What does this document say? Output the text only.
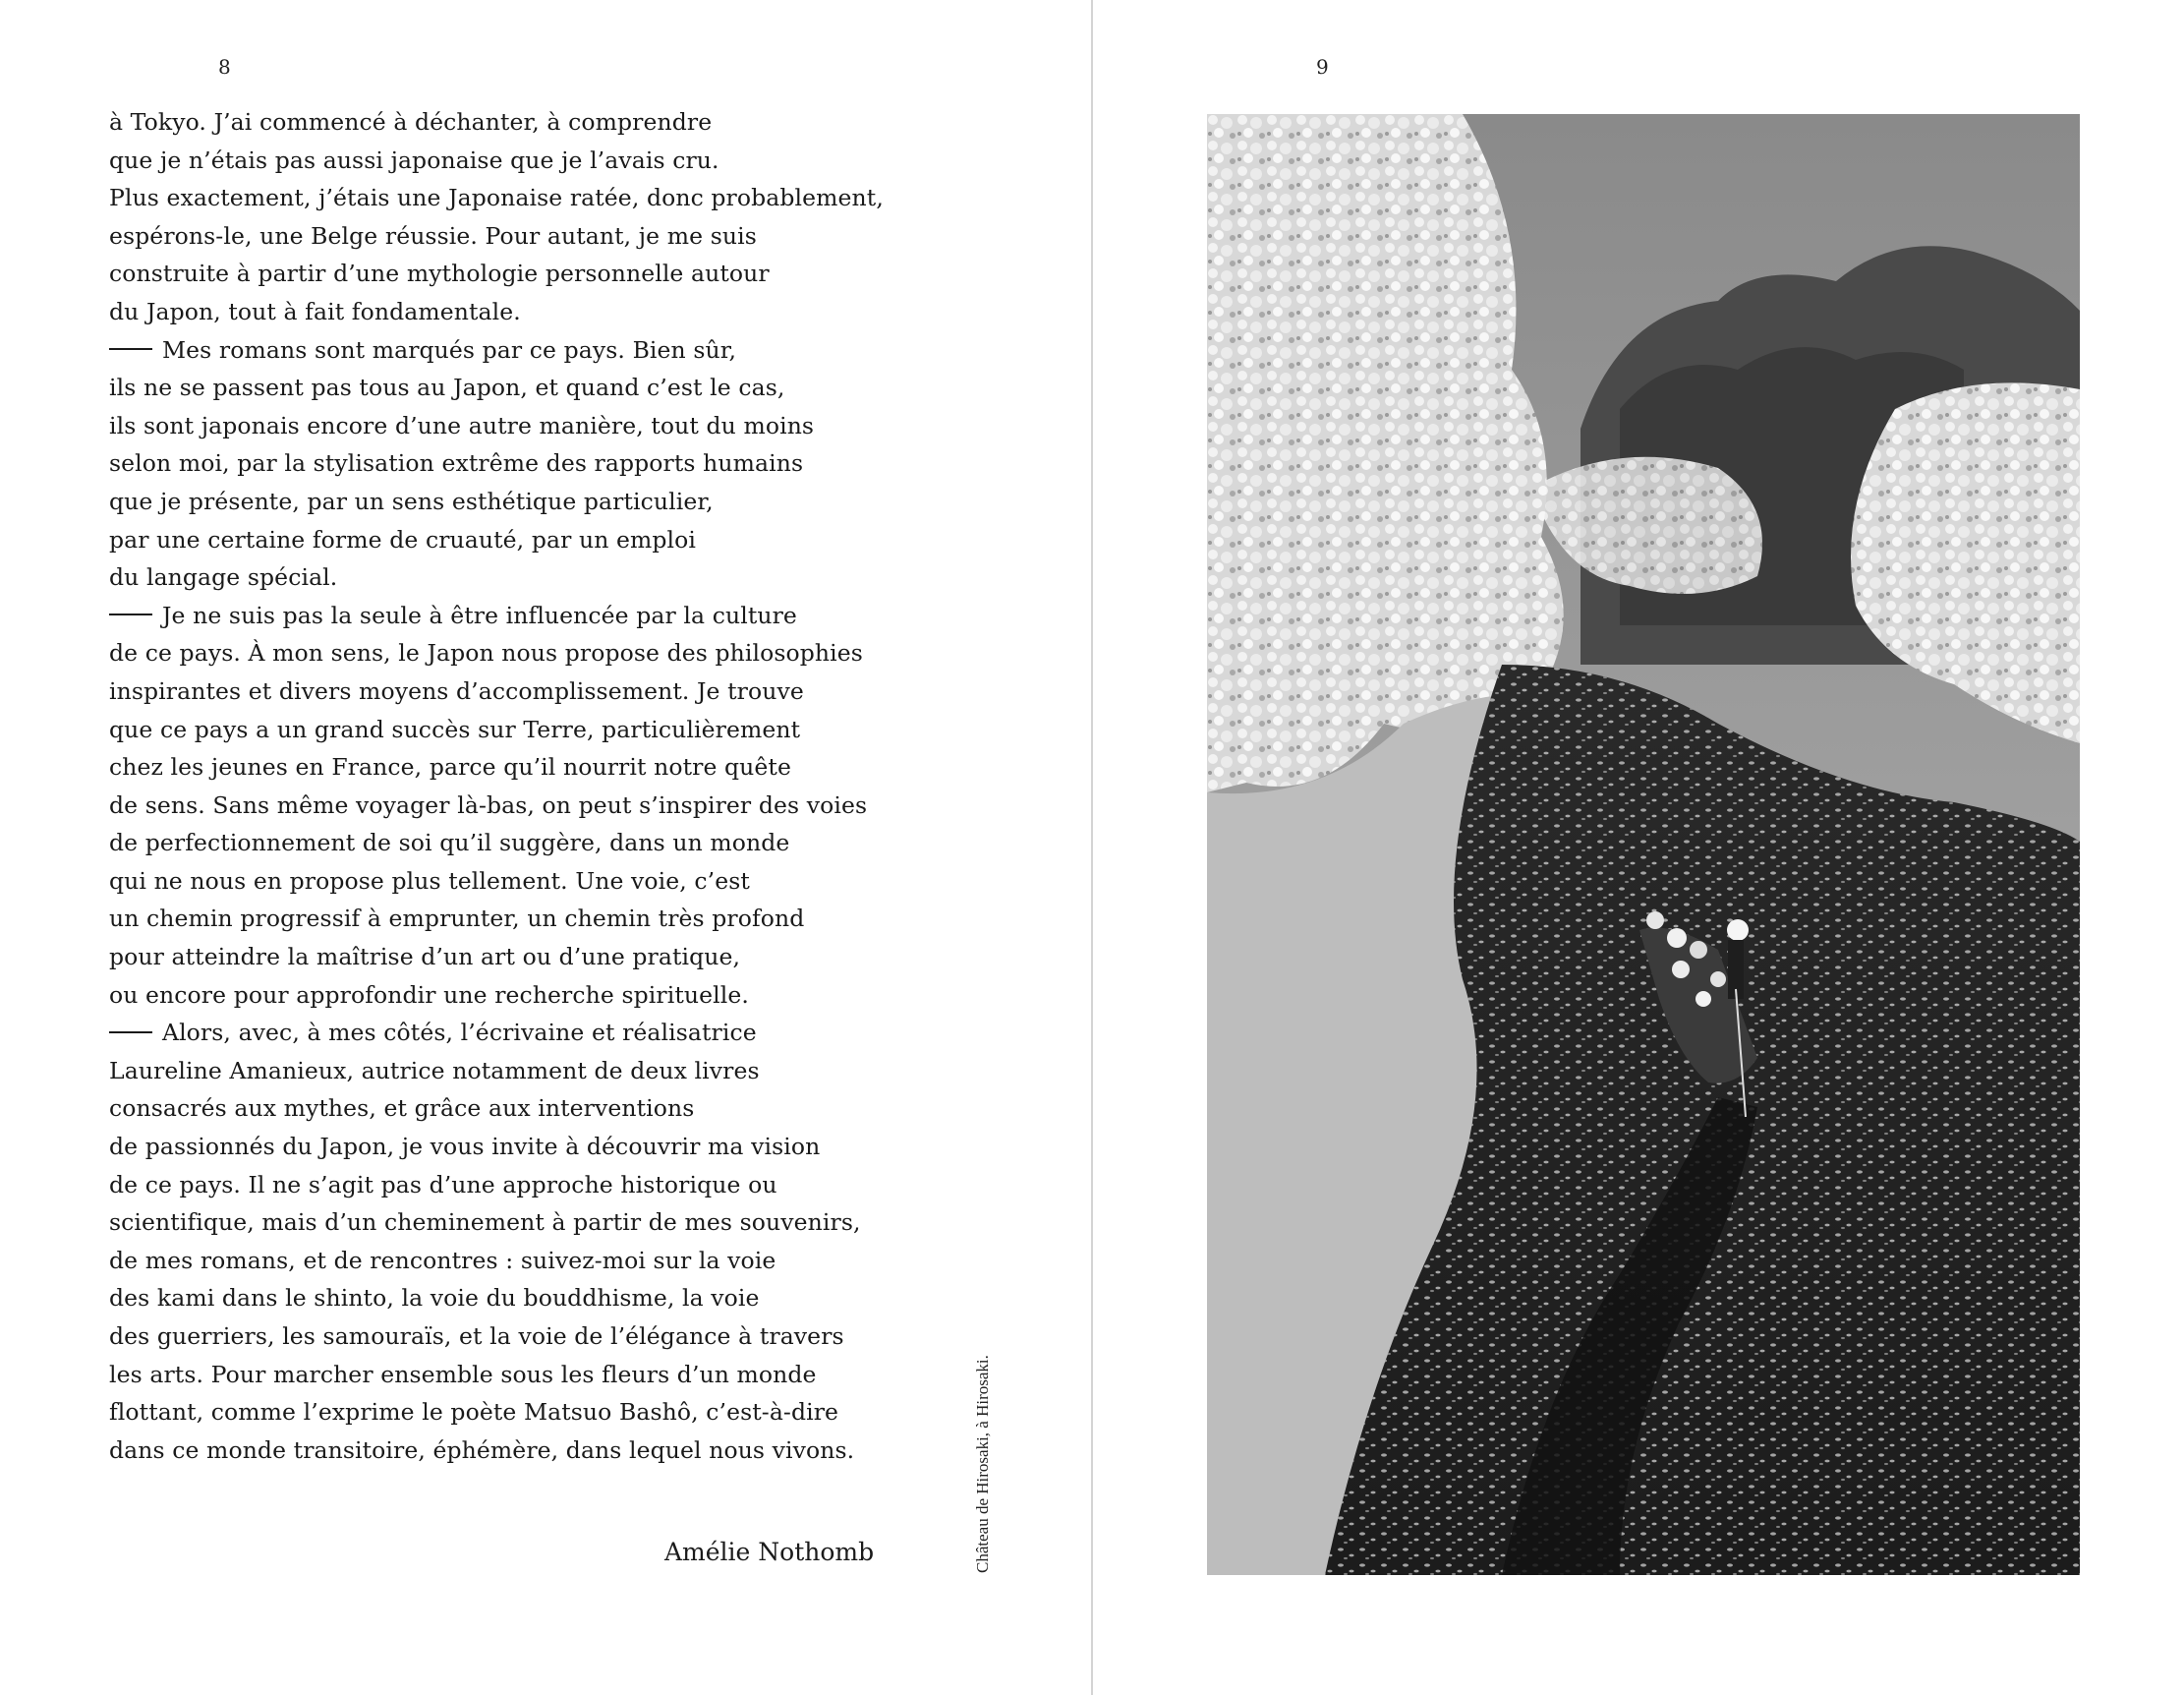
8
à Tokyo. J’ai commencé à déchanter, à comprendre
que je n’étais pas aussi japonaise que je l’avais cru.
Plus exactement, j’étais une Japonaise ratée, donc probablement,
espérons-le, une Belge réussie. Pour autant, je me suis
construite à partir d’une mythologie personnelle autour
du Japon, tout à fait fondamentale.
Mes romans sont marqués par ce pays. Bien sûr,
ils ne se passent pas tous au Japon, et quand c’est le cas,
ils sont japonais encore d’une autre manière, tout du moins
selon moi, par la stylisation extrême des rapports humains
que je présente, par un sens esthétique particulier,
par une certaine forme de cruauté, par un emploi
du langage spécial.
Je ne suis pas la seule à être influencée par la culture
de ce pays. À mon sens, le Japon nous propose des philosophies
inspirantes et divers moyens d’accomplissement. Je trouve
que ce pays a un grand succès sur Terre, particulièrement
chez les jeunes en France, parce qu’il nourrit notre quête
de sens. Sans même voyager là-bas, on peut s’inspirer des voies
de perfectionnement de soi qu’il suggère, dans un monde
qui ne nous en propose plus tellement. Une voie, c’est
un chemin progressif à emprunter, un chemin très profond
pour atteindre la maîtrise d’un art ou d’une pratique,
ou encore pour approfondir une recherche spirituelle.
Alors, avec, à mes côtés, l’écrivaine et réalisatrice
Laureline Amanieux, autrice notamment de deux livres
consacrés aux mythes, et grâce aux interventions
de passionnés du Japon, je vous invite à découvrir ma vision
de ce pays. Il ne s’agit pas d’une approche historique ou
scientifique, mais d’un cheminement à partir de mes souvenirs,
de mes romans, et de rencontres : suivez-moi sur la voie
des kami dans le shinto, la voie du bouddhisme, la voie
des guerriers, les samouraïs, et la voie de l’élégance à travers
les arts. Pour marcher ensemble sous les fleurs d’un monde
flottant, comme l’exprime le poète Matsuo Bashô, c’est-à-dire
dans ce monde transitoire, éphémère, dans lequel nous vivons.
Amélie Nothomb	Château de Hirosaki, à Hirosaki.
9
